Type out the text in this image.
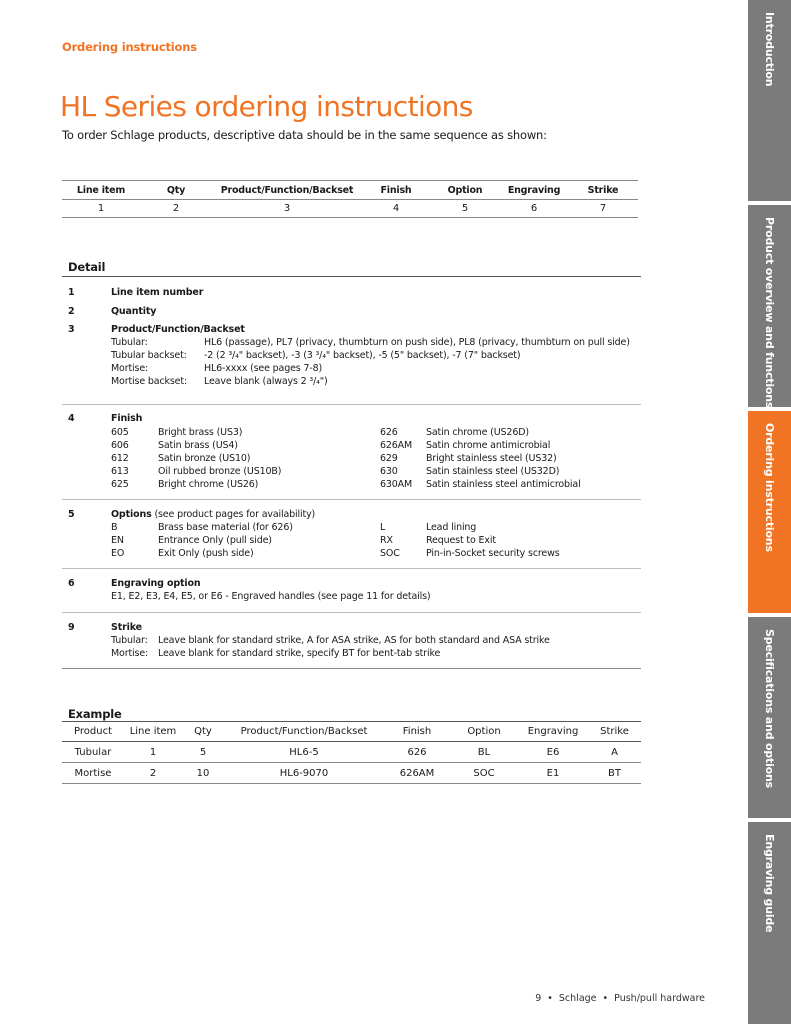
Ordering instructions
HL Series ordering instructions
To order Schlage products, descriptive data should be in the same sequence as shown:
Line item	Qty	Product/Function/Backset	Finish	Option	Engraving	Strike
1	2	3	4	5	6	7
Detail
1	Line item number
2	Quantity
3	Product/Function/Backset
Tubular:	HL6 (passage), PL7 (privacy, thumbturn on push side), PL8 (privacy, thumbturn on pull side)
Tubular backset: -2 (2 ³/₄" backset), -3 (3 ³/₄" backset), -5 (5" backset), -7 (7" backset)
Mortise:	HL6-xxxx (see pages 7-8)
Mortise backset: Leave blank (always 2 ³/₄")
4	Finish
605	Bright brass (US3)
606	Satin brass (US4)
612	Satin bronze (US10)
613	Oil rubbed bronze (US10B)
625	Bright chrome (US26)
626	Satin chrome (US26D)
626AM Satin chrome antimicrobial
629	Bright stainless steel (US32)
630	Satin stainless steel (US32D)
630AM Satin stainless steel antimicrobial
5	Options (see product pages for availability)
B	Brass base material (for 626)
EN	Entrance Only (pull side)
EO	Exit Only (push side)
L	Lead lining
RX	Request to Exit
SOC	Pin-in-Socket security screws
6	Engraving option
E1, E2, E3, E4, E5, or E6 - Engraved handles (see page 11 for details)
9	Strike
Tubular: Leave blank for standard strike, A for ASA strike, AS for both standard and ASA strike
Mortise: Leave blank for standard strike, specify BT for bent-tab strike
Example
Product	Line item	Qty	Product/Function/Backset	Finish	Option	Engraving	Strike
Tubular	1	5	HL6-5	626	BL	E6	A
Mortise	2	10	HL6-9070	626AM	SOC	E1	BT
9 • Schlage • Push/pull hardware
Introduction
Product overview and functions
Ordering instructions
Specifications and options
Engraving guide
